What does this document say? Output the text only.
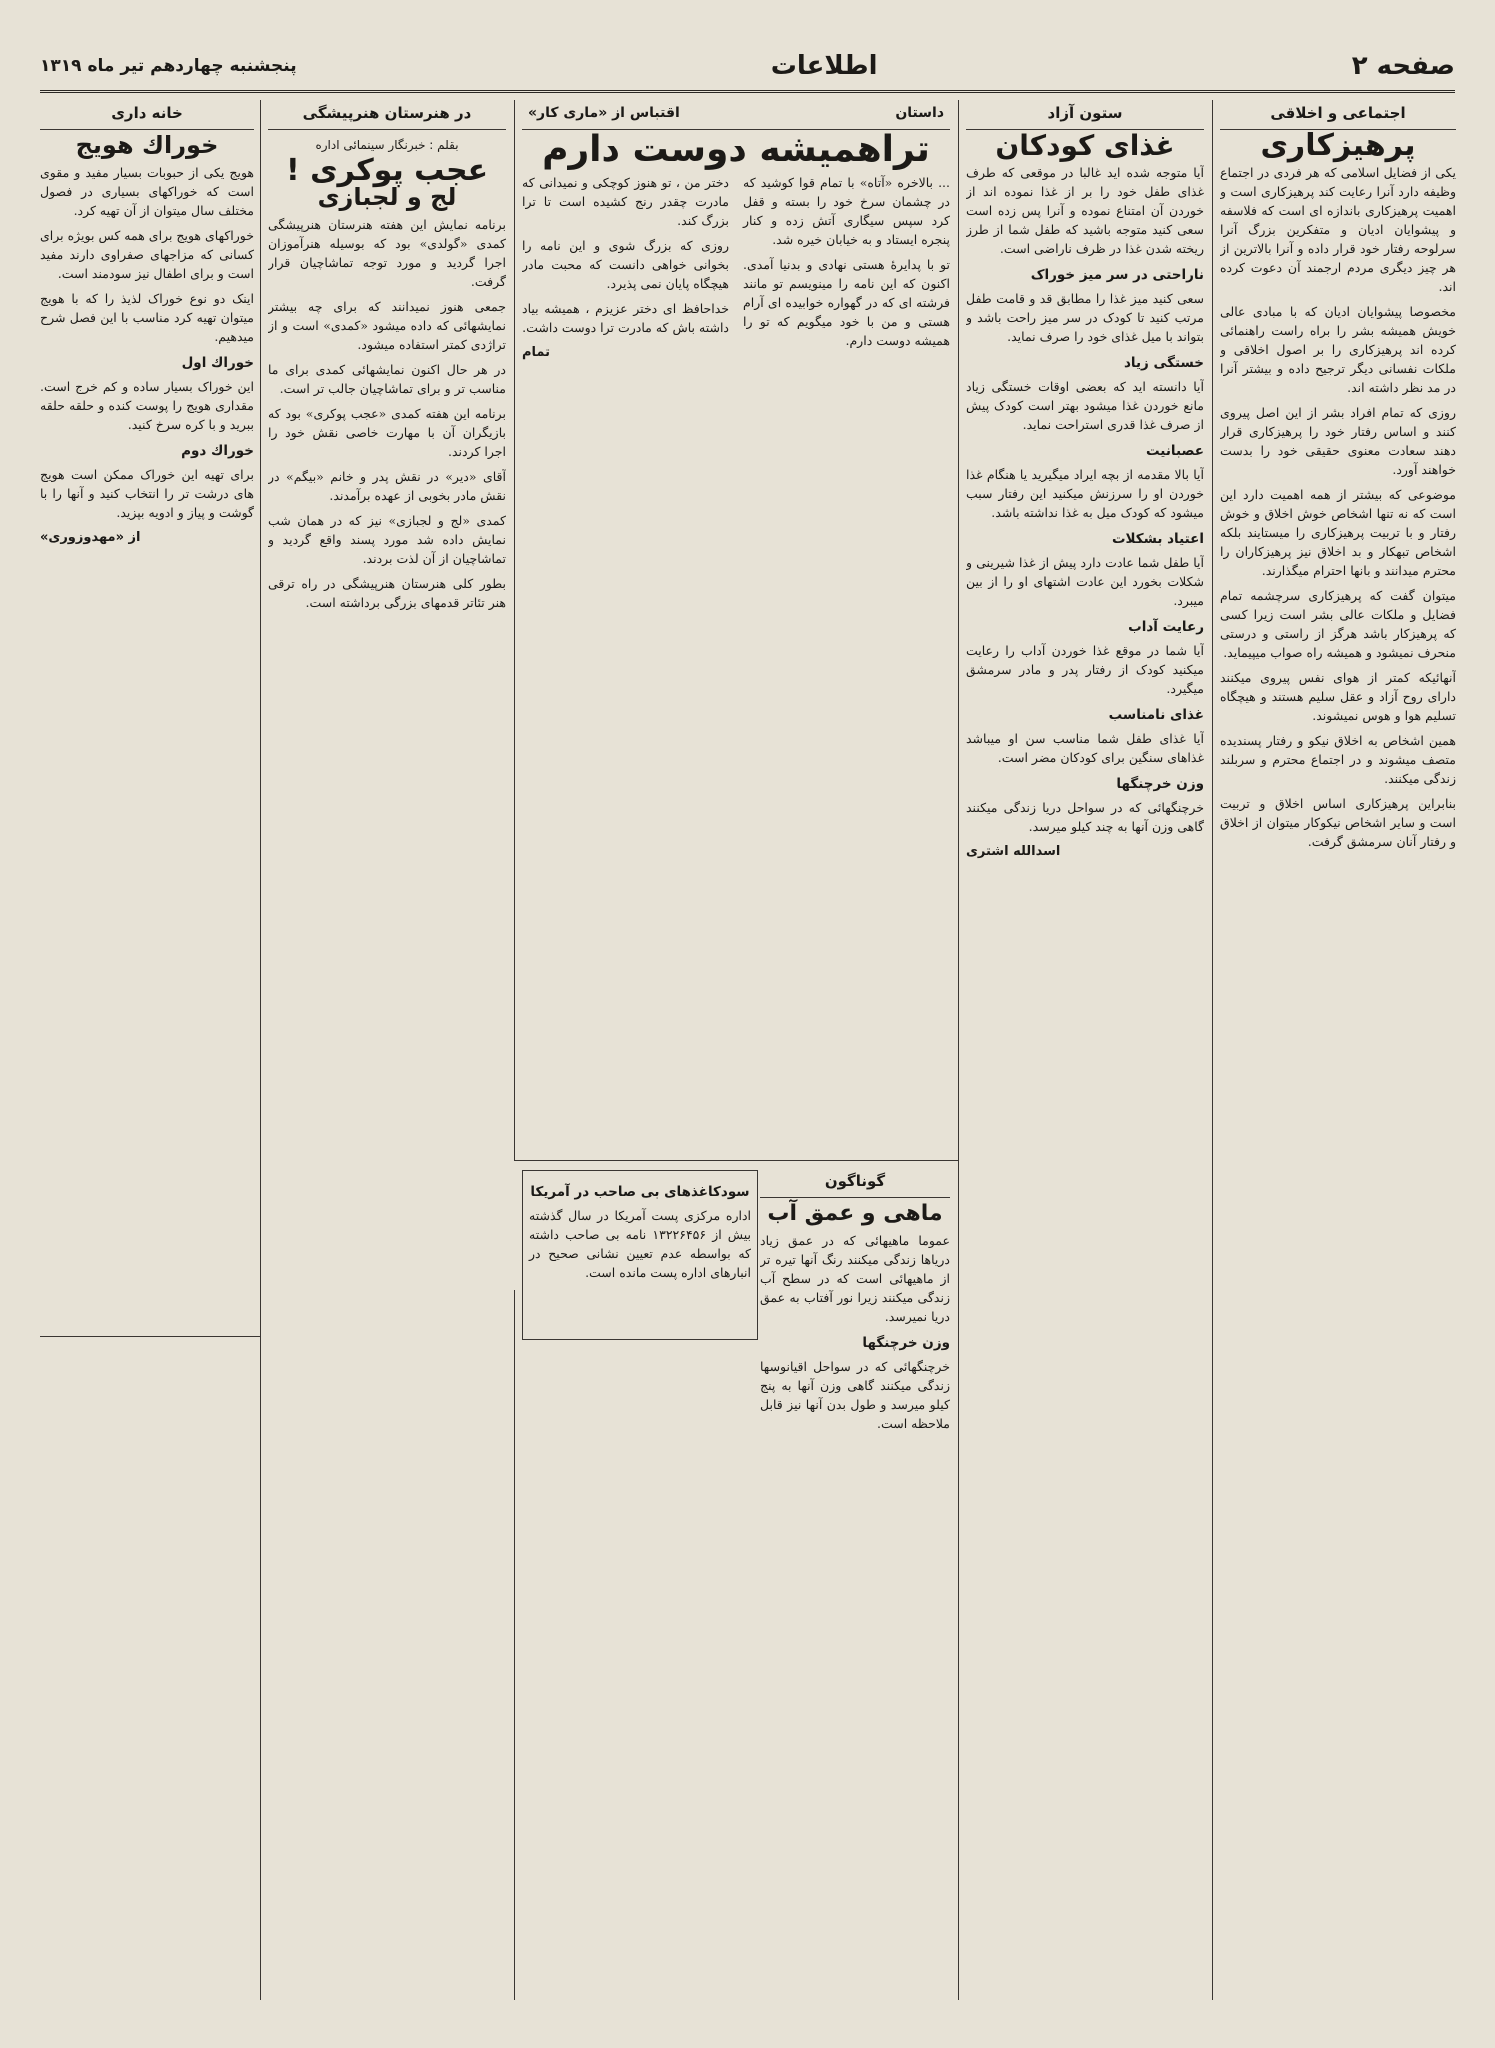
صفحه ۲
اطلاعات
پنجشنبه چهاردهم تیر ماه ۱۳۱۹
اجتماعی و اخلاقی
پرهیزکاری

یکی از فضایل اسلامی که هر فردی در اجتماع وظیفه دارد آنرا رعایت کند پرهیزکاری است و اهمیت پرهیزکاری باندازه ای است که فلاسفه و پیشوایان ادیان و متفکرین بزرگ آنرا سرلوحه رفتار خود قرار داده و آنرا بالاترین از هر چیز دیگری مردم ارجمند آن دعوت کرده اند.

مخصوصا پیشوایان ادیان که با مبادی عالی خویش همیشه بشر را براه راست راهنمائی کرده اند پرهیزکاری را بر اصول اخلاقی و ملکات نفسانی دیگر ترجیح داده و بیشتر آنرا در مد نظر داشته اند.

روزی که تمام افراد بشر از این اصل پیروی کنند و اساس رفتار خود را پرهیزکاری قرار دهند سعادت معنوی حقیقی خود را بدست خواهند آورد.

موضوعی که بیشتر از همه اهمیت دارد این است که نه تنها اشخاص خوش اخلاق و خوش رفتار و با تربیت پرهیزکاری را میستایند بلکه اشخاص تبهکار و بد اخلاق نیز پرهیزکاران را محترم میدانند و بانها احترام میگذارند.

میتوان گفت که پرهیزکاری سرچشمه تمام فضایل و ملکات عالی بشر است زیرا کسی که پرهیزکار باشد هرگز از راستی و درستی منحرف نمیشود و همیشه راه صواب میپیماید.

آنهائیکه کمتر از هوای نفس پیروی میکنند دارای روح آزاد و عقل سلیم هستند و هیچگاه تسلیم هوا و هوس نمیشوند.

همین اشخاص به اخلاق نیکو و رفتار پسندیده متصف میشوند و در اجتماع محترم و سربلند زندگی میکنند.

بنابراین پرهیزکاری اساس اخلاق و تربیت است و سایر اشخاص نیکوکار میتوان از اخلاق و رفتار آنان سرمشق گرفت.

ستون آزاد
غذای کودکان

آیا متوجه شده اید غالبا در موقعی که طرف غذای طفل خود را بر از غذا نموده اند از خوردن آن امتناع نموده و آنرا پس زده است سعی کنید متوجه باشید که طفل شما از طرز ریخته شدن غذا در ظرف ناراضی است.

ناراحتی در سر میز خوراک

سعی کنید میز غذا را مطابق قد و قامت طفل مرتب کنید تا کودک در سر میز راحت باشد و بتواند با میل غذای خود را صرف نماید.

خستگی زیاد

آیا دانسته اید که بعضی اوقات خستگی زیاد مانع خوردن غذا میشود بهتر است کودک پیش از صرف غذا قدری استراحت نماید.

عصبانیت

آیا بالا مقدمه از بچه ایراد میگیرید یا هنگام غذا خوردن او را سرزنش میکنید این رفتار سبب میشود که کودک میل به غذا نداشته باشد.

اعتیاد بشکلات

آیا طفل شما عادت دارد پیش از غذا شیرینی و شکلات بخورد این عادت اشتهای او را از بین میبرد.

رعایت آداب

آیا شما در موقع غذا خوردن آداب را رعایت میکنید کودک از رفتار پدر و مادر سرمشق میگیرد.

غذای نامناسب

آیا غذای طفل شما مناسب سن او میباشد غذاهای سنگین برای کودکان مضر است.

وزن خرچنگها

خرچنگهائی که در سواحل دریا زندگی میکنند گاهی وزن آنها به چند کیلو میرسد.

اسدالله اشتری
داستان
اقتباس از «ماری کار»
تراهمیشه دوست دارم

... بالاخره «آتاه» با تمام قوا کوشید که در چشمان سرخ خود را بسته و قفل کرد سپس سیگاری آتش زده و کنار پنجره ایستاد و به خیابان خیره شد.

تو با پدایرهٔ هستی نهادی و بدنیا آمدی. اکنون که این نامه را مینویسم تو مانند فرشته ای که در گهواره خوابیده ای آرام هستی و من با خود میگویم که تو را همیشه دوست دارم.

دختر من ، تو هنوز کوچکی و نمیدانی که مادرت چقدر رنج کشیده است تا ترا بزرگ کند.

روزی که بزرگ شوی و این نامه را بخوانی خواهی دانست که محبت مادر هیچگاه پایان نمی پذیرد.

خداحافظ ای دختر عزیزم ، همیشه بیاد داشته باش که مادرت ترا دوست داشت.

تمام
گوناگون
ماهی و عمق آب

عموما ماهیهائی که در عمق زیاد دریاها زندگی میکنند رنگ آنها تیره تر از ماهیهائی است که در سطح آب زندگی میکنند زیرا نور آفتاب به عمق دریا نمیرسد.

وزن خرچنگها

خرچنگهائی که در سواحل اقیانوسها زندگی میکنند گاهی وزن آنها به پنج کیلو میرسد و طول بدن آنها نیز قابل ملاحظه است.

سودکاغذهای بی صاحب در آمریکا

اداره مرکزی پست آمریکا در سال گذشته بیش از ۱۳۲۲۶۴۵۶ نامه بی صاحب داشته که بواسطه عدم تعیین نشانی صحیح در انبارهای اداره پست مانده است.

در هنرستان هنرپیشگی
بقلم : خبرنگار سینمائی اداره
عجب پوکری !
لج و لجبازی

برنامه نمایش این هفته هنرستان هنرپیشگی کمدی «گولدی» بود که بوسیله هنرآموزان اجرا گردید و مورد توجه تماشاچیان قرار گرفت.

جمعی هنوز نمیدانند که برای چه بیشتر نمایشهائی که داده میشود «کمدی» است و از تراژدی کمتر استفاده میشود.

در هر حال اکنون نمایشهائی کمدی برای ما مناسب تر و برای تماشاچیان جالب تر است.

برنامه این هفته کمدی «عجب پوکری» بود که بازیگران آن با مهارت خاصی نقش خود را اجرا کردند.

آقای «دیر» در نقش پدر و خانم «بیگم» در نقش مادر بخوبی از عهده برآمدند.

کمدی «لج و لجبازی» نیز که در همان شب نمایش داده شد مورد پسند واقع گردید و تماشاچیان از آن لذت بردند.

بطور کلی هنرستان هنرپیشگی در راه ترقی هنر تئاتر قدمهای بزرگی برداشته است.

خانه داری
خوراك هويج

هویج یکی از حبوبات بسیار مفید و مقوی است که خوراکهای بسیاری در فصول مختلف سال میتوان از آن تهیه کرد.

خوراکهای هویج برای همه کس بویژه برای کسانی که مزاجهای صفراوی دارند مفید است و برای اطفال نیز سودمند است.

اینک دو نوع خوراک لذیذ را که با هویج میتوان تهیه کرد مناسب با این فصل شرح میدهیم.

خوراك اول

این خوراک بسیار ساده و کم خرج است. مقداری هویج را پوست کنده و حلقه حلقه ببرید و با کره سرخ کنید.

خوراك دوم

برای تهیه این خوراک ممکن است هویج های درشت تر را انتخاب کنید و آنها را با گوشت و پیاز و ادویه بپزید.

از «مهدوزوری»
